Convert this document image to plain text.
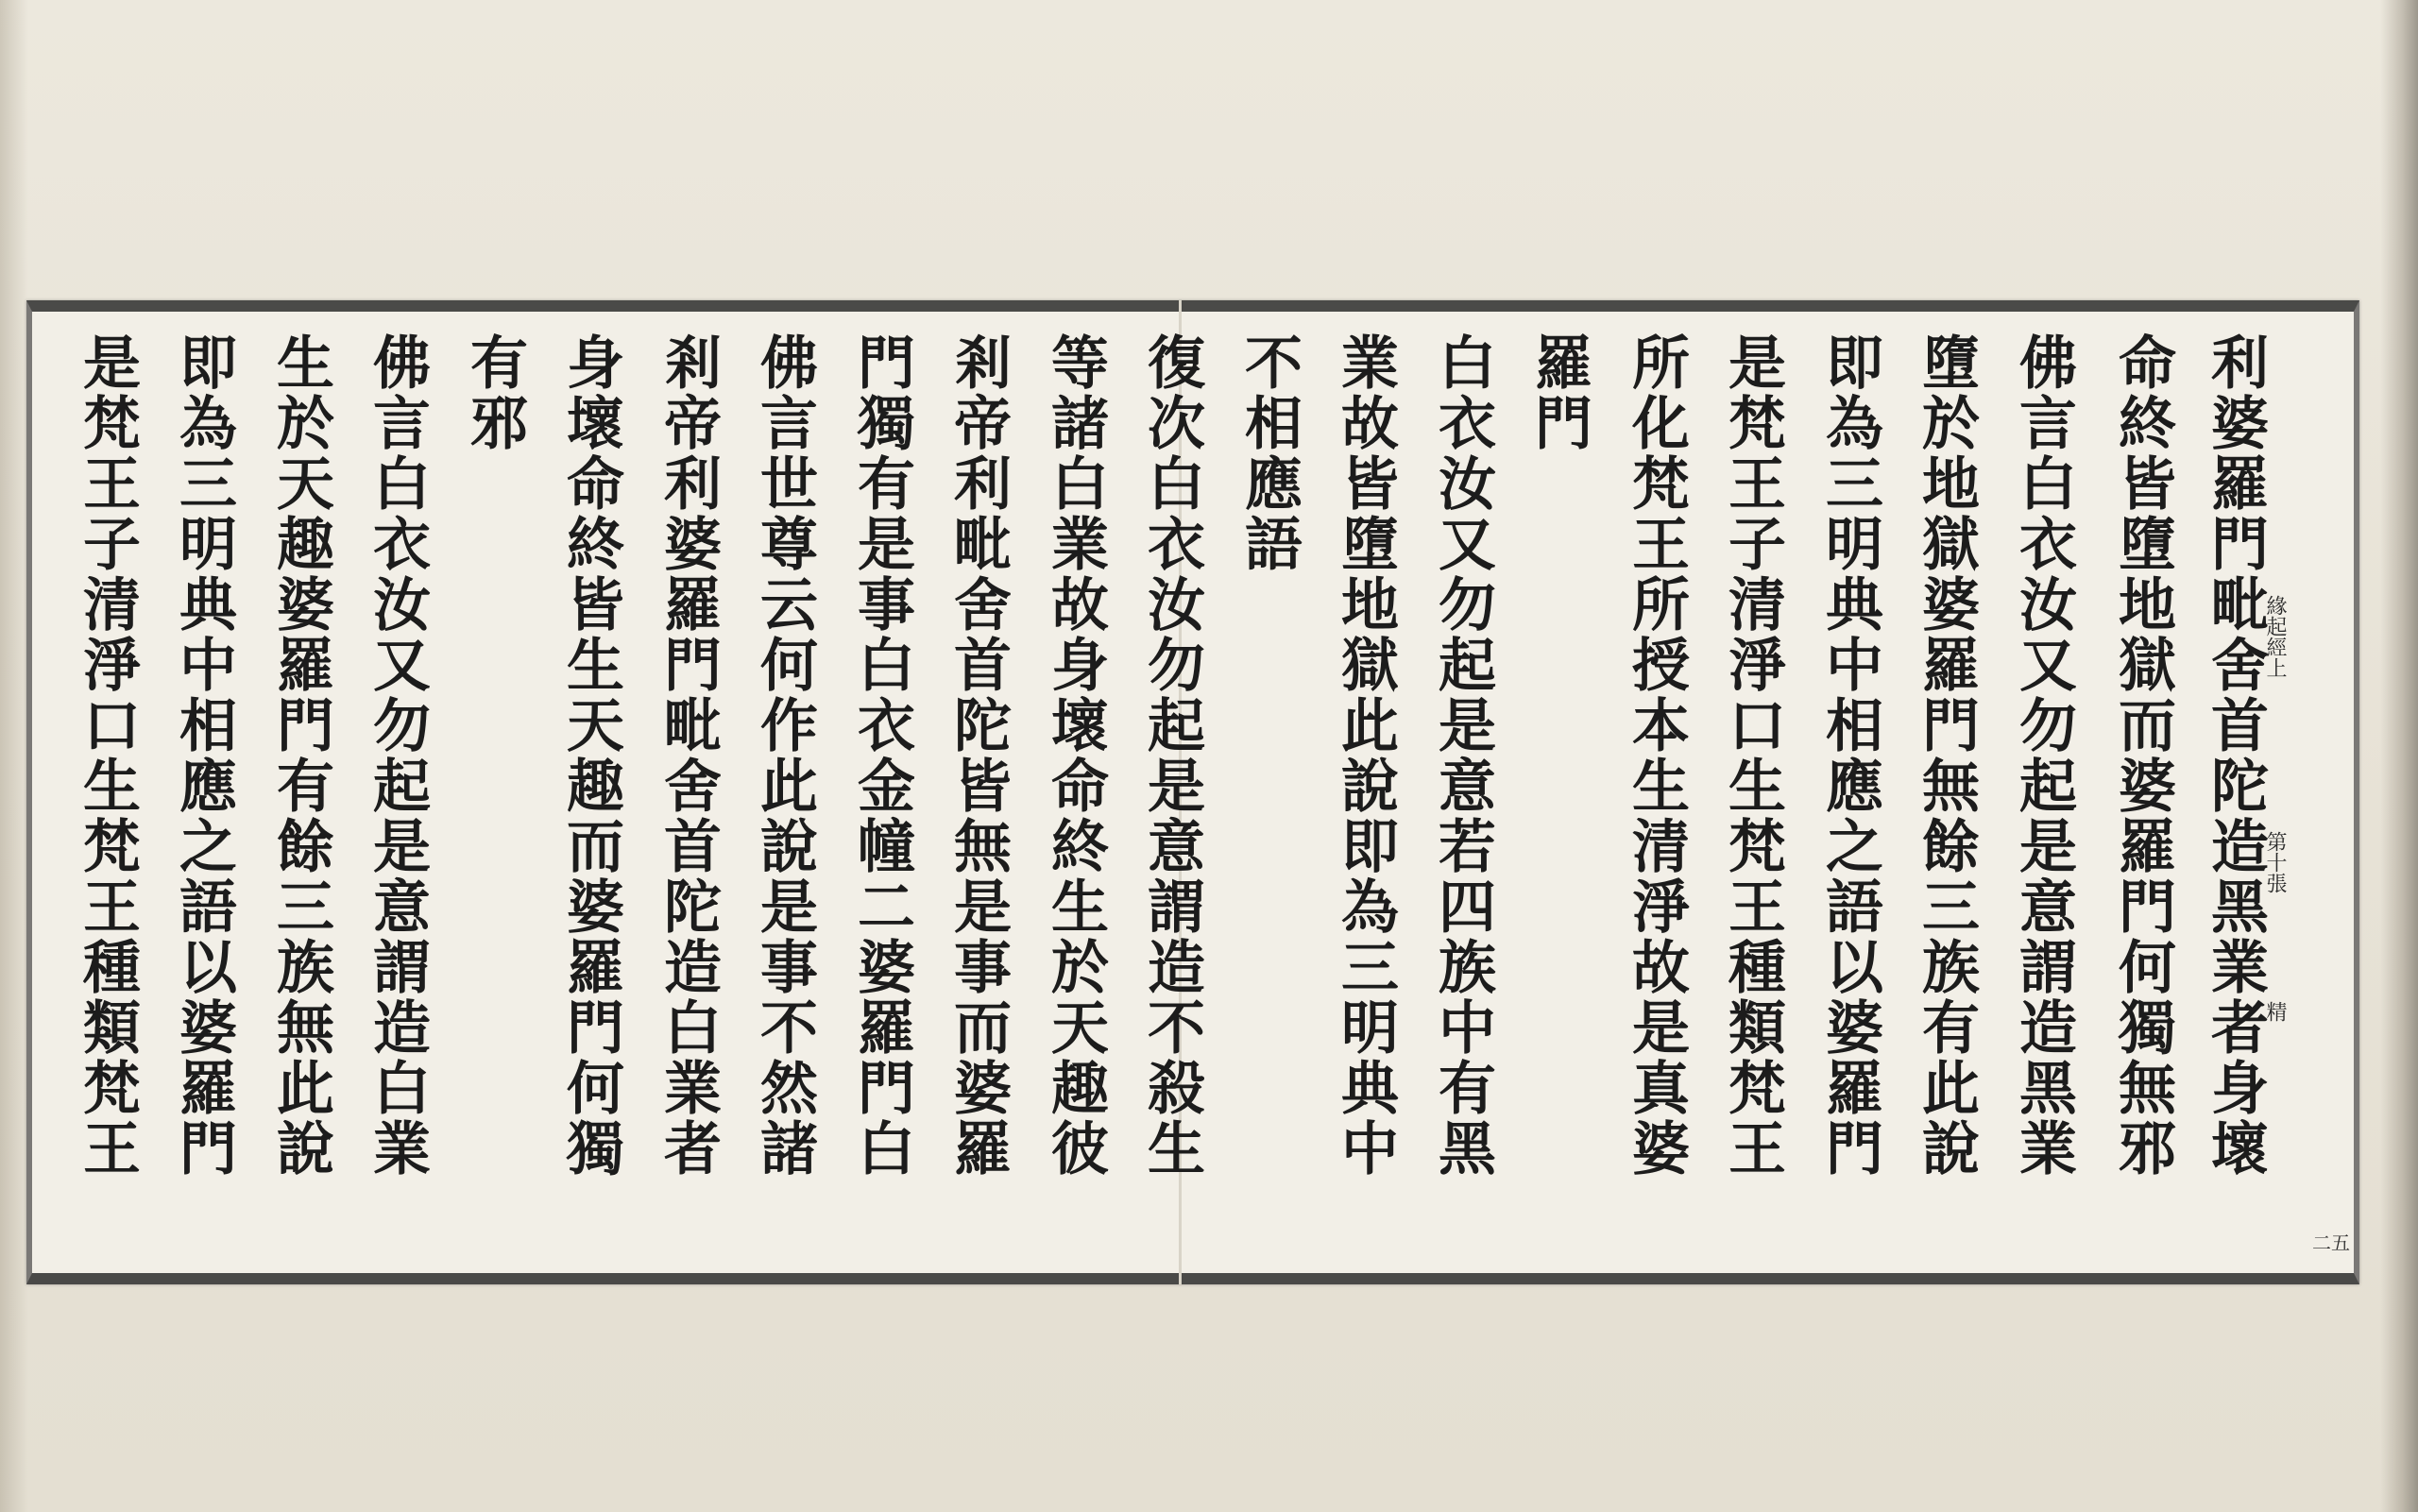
利婆羅門毗舍首陀造黑業者身壞
命終皆墮地獄而婆羅門何獨無邪
佛言白衣汝又勿起是意謂造黑業
墮於地獄婆羅門無餘三族有此說
即為三明典中相應之語以婆羅門
是梵王子清淨口生梵王種類梵王
所化梵王所授本生清淨故是真婆
羅門
白衣汝又勿起是意若四族中有黑
業故皆墮地獄此說即為三明典中
不相應語
復次白衣汝勿起是意謂造不殺生
等諸白業故身壞命終生於天趣彼
剎帝利毗舍首陀皆無是事而婆羅
門獨有是事白衣金幢二婆羅門白
佛言世尊云何作此說是事不然諸
剎帝利婆羅門毗舍首陀造白業者
身壞命終皆生天趣而婆羅門何獨
有邪
佛言白衣汝又勿起是意謂造白業
生於天趣婆羅門有餘三族無此說
即為三明典中相應之語以婆羅門
是梵王子清淨口生梵王種類梵王	緣起經上
第十張
精
二五
